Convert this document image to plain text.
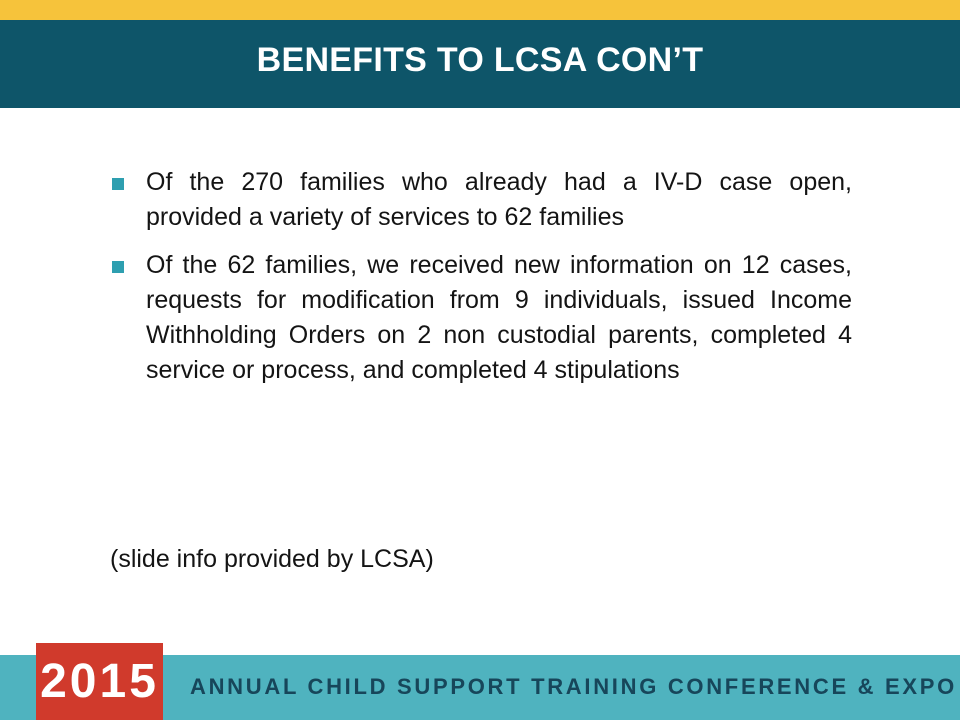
BENEFITS TO LCSA CON’T
Of the 270 families who already had a IV-D case open, provided a variety of services to 62 families
Of the 62 families, we received new information on 12 cases, requests for modification from 9 individuals, issued Income Withholding Orders on 2 non custodial parents, completed 4 service or process, and completed 4 stipulations
(slide info provided by LCSA)
2015 ANNUAL CHILD SUPPORT TRAINING CONFERENCE & EXPO
